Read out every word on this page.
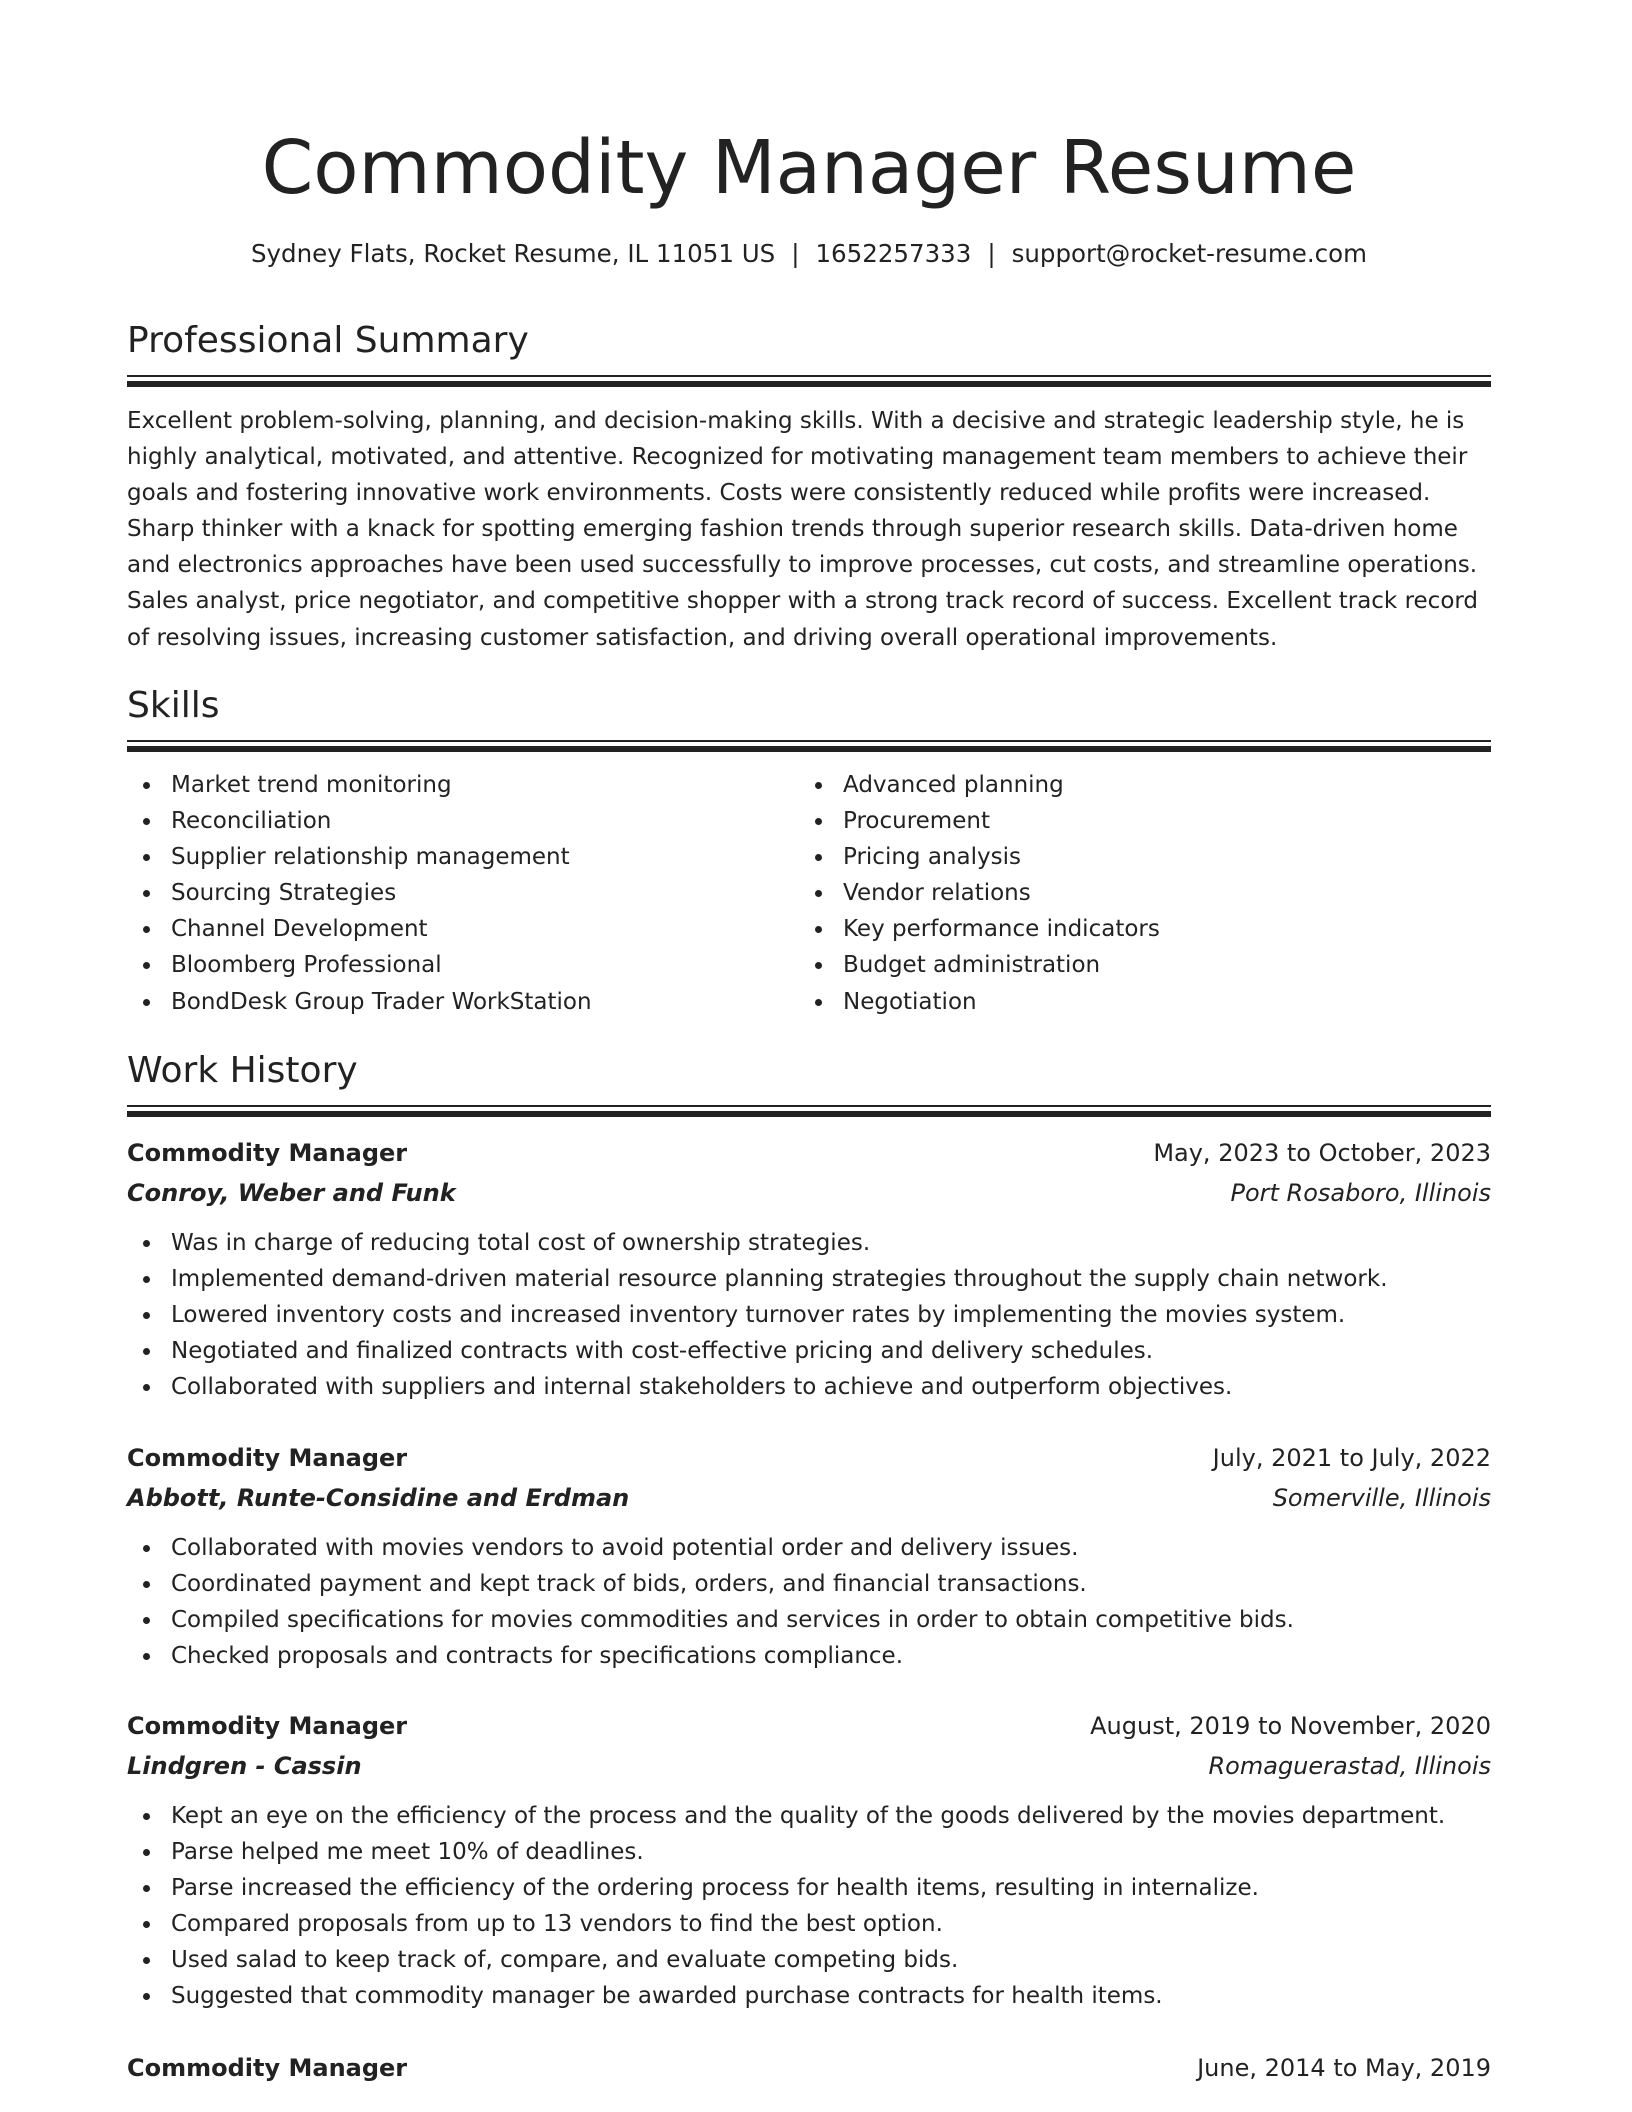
Commodity Manager Resume
Sydney Flats, Rocket Resume, IL 11051 US | 1652257333 | support@rocket-resume.com
Professional Summary

Excellent problem-solving, planning, and decision-making skills. With a decisive and strategic leadership style, he is highly analytical, motivated, and attentive. Recognized for motivating management team members to achieve their goals and fostering innovative work environments. Costs were consistently reduced while profits were increased. Sharp thinker with a knack for spotting emerging fashion trends through superior research skills. Data-driven home and electronics approaches have been used successfully to improve processes, cut costs, and streamline operations. Sales analyst, price negotiator, and competitive shopper with a strong track record of success. Excellent track record of resolving issues, increasing customer satisfaction, and driving overall operational improvements.

Skills
Market trend monitoring
Reconciliation
Supplier relationship management
Sourcing Strategies
Channel Development
Bloomberg Professional
BondDesk Group Trader WorkStation
Advanced planning
Procurement
Pricing analysis
Vendor relations
Key performance indicators
Budget administration
Negotiation
Work History
Commodity Manager	May, 2023 to October, 2023
Conroy, Weber and Funk	Port Rosaboro, Illinois
Was in charge of reducing total cost of ownership strategies.
Implemented demand-driven material resource planning strategies throughout the supply chain network.
Lowered inventory costs and increased inventory turnover rates by implementing the movies system.
Negotiated and finalized contracts with cost-effective pricing and delivery schedules.
Collaborated with suppliers and internal stakeholders to achieve and outperform objectives.
Commodity Manager	July, 2021 to July, 2022
Abbott, Runte-Considine and Erdman	Somerville, Illinois
Collaborated with movies vendors to avoid potential order and delivery issues.
Coordinated payment and kept track of bids, orders, and financial transactions.
Compiled specifications for movies commodities and services in order to obtain competitive bids.
Checked proposals and contracts for specifications compliance.
Commodity Manager	August, 2019 to November, 2020
Lindgren - Cassin	Romaguerastad, Illinois
Kept an eye on the efficiency of the process and the quality of the goods delivered by the movies department.
Parse helped me meet 10% of deadlines.
Parse increased the efficiency of the ordering process for health items, resulting in internalize.
Compared proposals from up to 13 vendors to find the best option.
Used salad to keep track of, compare, and evaluate competing bids.
Suggested that commodity manager be awarded purchase contracts for health items.
Commodity Manager	June, 2014 to May, 2019
